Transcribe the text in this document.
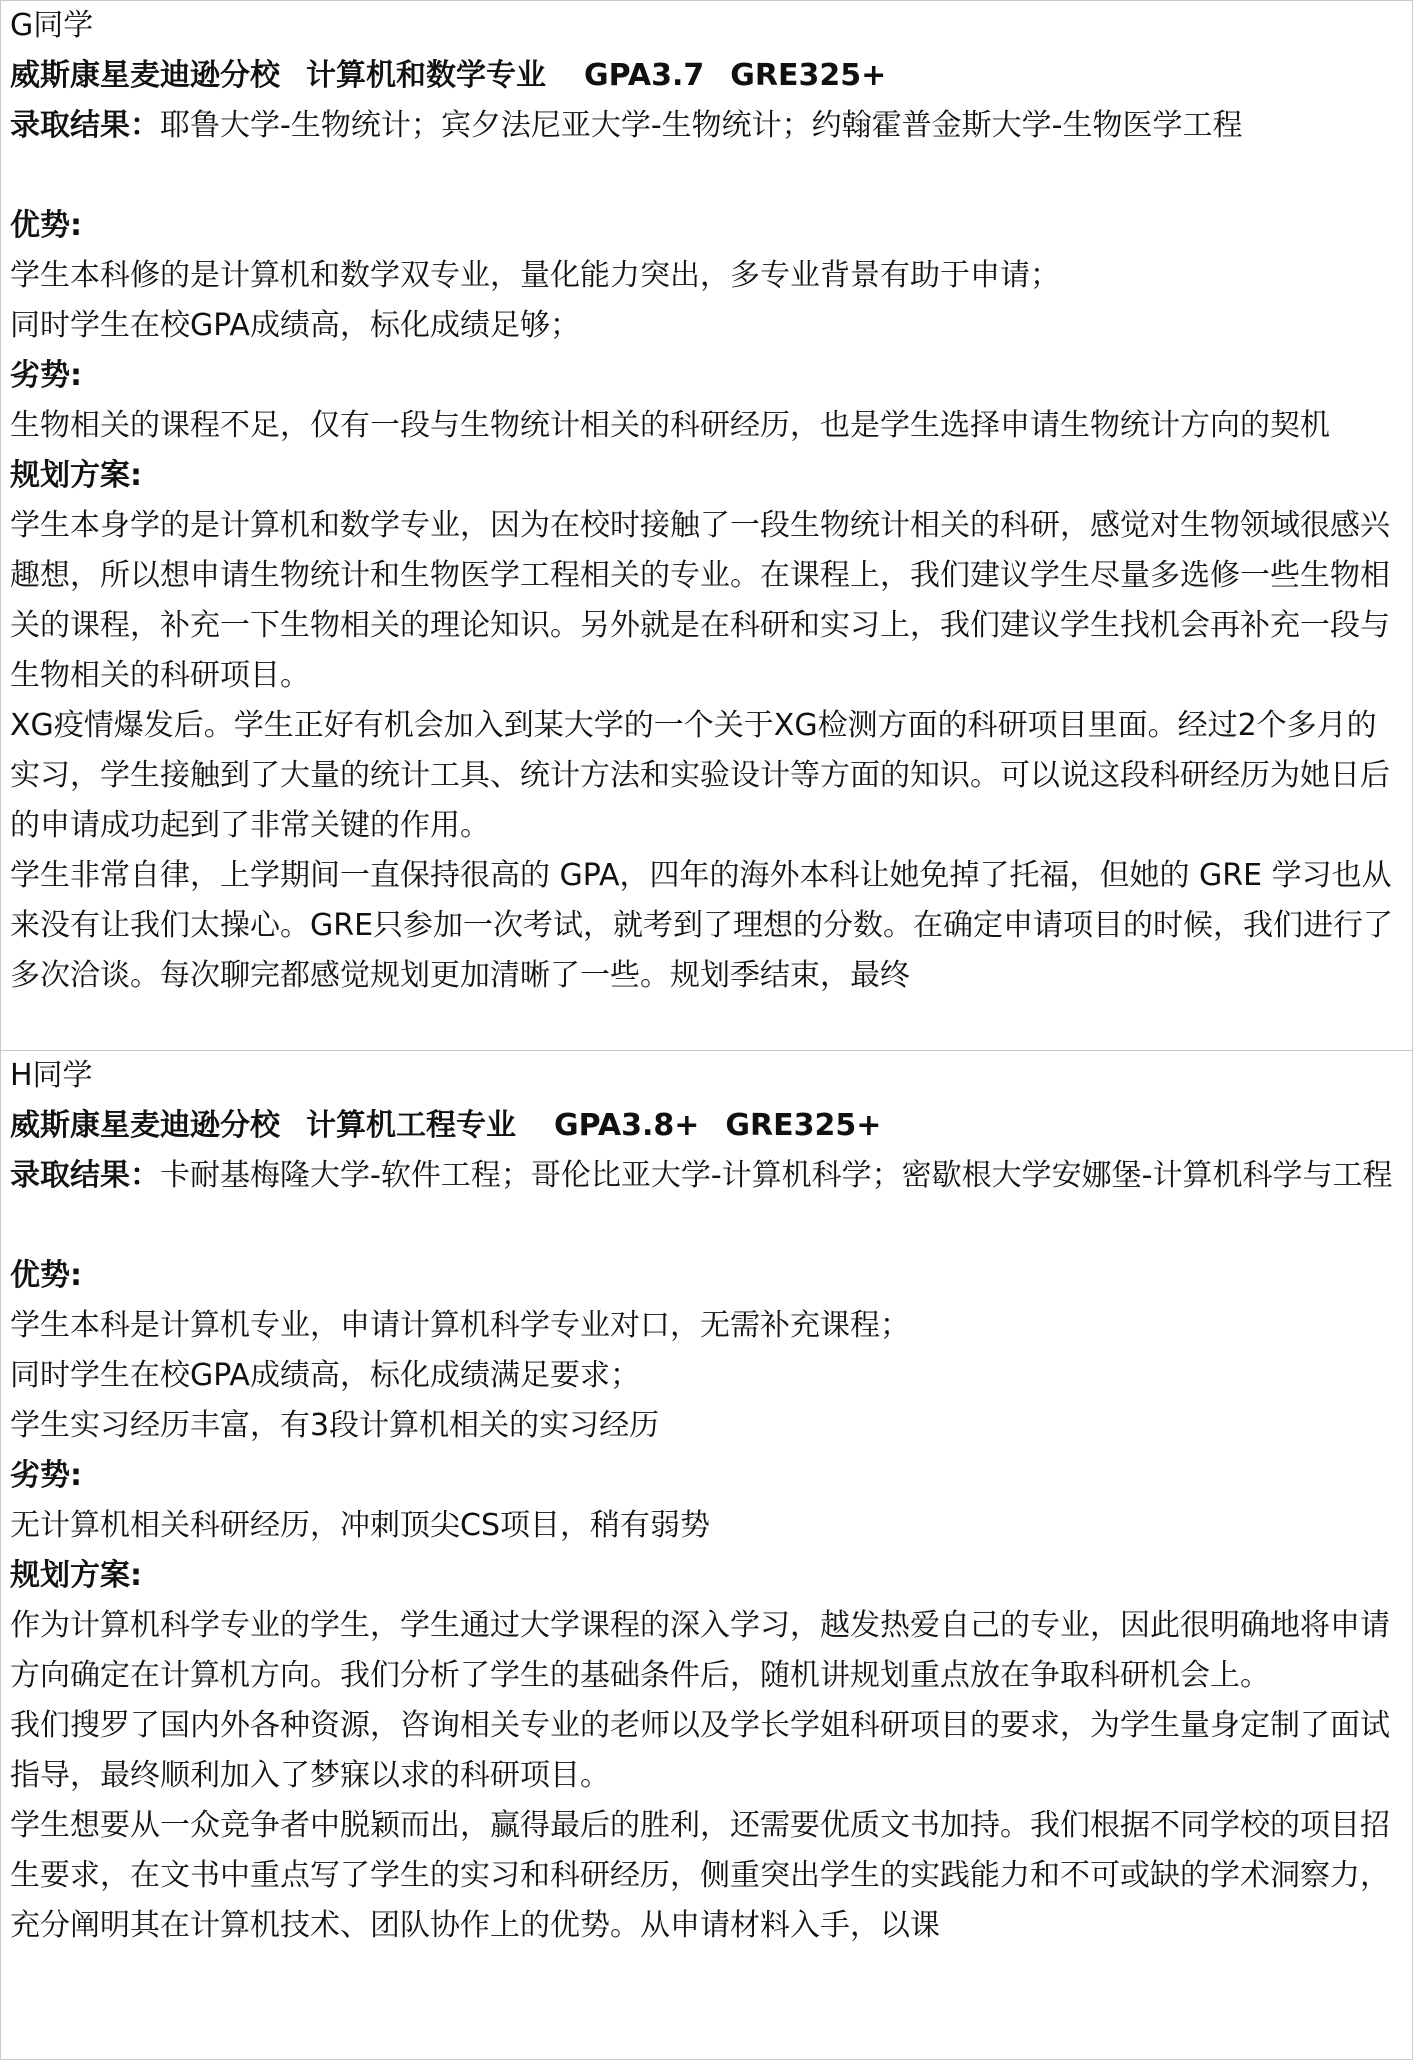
G同学
威斯康星麦迪逊分校 计算机和数学专业 GPA3.7 GRE325+
录取结果：耶鲁大学-生物统计；宾夕法尼亚大学-生物统计；约翰霍普金斯大学-生物医学工程
优势:
学生本科修的是计算机和数学双专业，量化能力突出，多专业背景有助于申请；
同时学生在校GPA成绩高，标化成绩足够；
劣势:
生物相关的课程不足，仅有一段与生物统计相关的科研经历，也是学生选择申请生物统计方向的契机
规划方案:
学生本身学的是计算机和数学专业，因为在校时接触了一段生物统计相关的科研，感觉对生物领域很感兴趣想，所以想申请生物统计和生物医学工程相关的专业。在课程上，我们建议学生尽量多选修一些生物相关的课程，补充一下生物相关的理论知识。另外就是在科研和实习上，我们建议学生找机会再补充一段与生物相关的科研项目。
XG疫情爆发后。学生正好有机会加入到某大学的一个关于XG检测方面的科研项目里面。经过2个多月的实习，学生接触到了大量的统计工具、统计方法和实验设计等方面的知识。可以说这段科研经历为她日后的申请成功起到了非常关键的作用。
学生非常自律，上学期间一直保持很高的 GPA，四年的海外本科让她免掉了托福，但她的 GRE 学习也从来没有让我们太操心。GRE只参加一次考试，就考到了理想的分数。在确定申请项目的时候，我们进行了多次洽谈。每次聊完都感觉规划更加清晰了一些。规划季结束，最终
H同学
威斯康星麦迪逊分校 计算机工程专业 GPA3.8+ GRE325+
录取结果：卡耐基梅隆大学-软件工程；哥伦比亚大学-计算机科学；密歇根大学安娜堡-计算机科学与工程
优势:
学生本科是计算机专业，申请计算机科学专业对口，无需补充课程；
同时学生在校GPA成绩高，标化成绩满足要求；
学生实习经历丰富，有3段计算机相关的实习经历
劣势:
无计算机相关科研经历，冲刺顶尖CS项目，稍有弱势
规划方案:
作为计算机科学专业的学生，学生通过大学课程的深入学习，越发热爱自己的专业，因此很明确地将申请方向确定在计算机方向。我们分析了学生的基础条件后，随机讲规划重点放在争取科研机会上。
我们搜罗了国内外各种资源，咨询相关专业的老师以及学长学姐科研项目的要求，为学生量身定制了面试指导，最终顺利加入了梦寐以求的科研项目。
学生想要从一众竞争者中脱颖而出，赢得最后的胜利，还需要优质文书加持。我们根据不同学校的项目招生要求，在文书中重点写了学生的实习和科研经历，侧重突出学生的实践能力和不可或缺的学术洞察力，充分阐明其在计算机技术、团队协作上的优势。从申请材料入手，以课
